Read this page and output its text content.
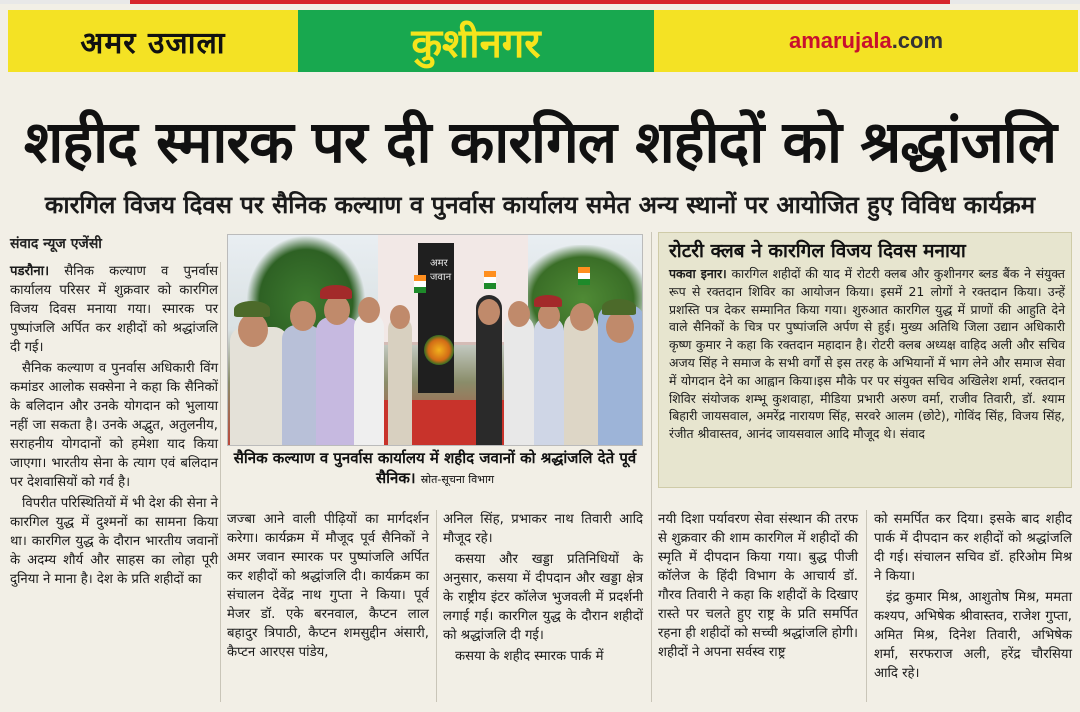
अमर उजाला	कुशीनगर	amarujala.com
शहीद स्मारक पर दी कारगिल शहीदों को श्रद्धांजलि
कारगिल विजय दिवस पर सैनिक कल्याण व पुनर्वास कार्यालय समेत अन्य स्थानों पर आयोजित हुए विविध कार्यक्रम
संवाद न्यूज एजेंसी

पडरौना। सैनिक कल्याण व पुनर्वास कार्यालय परिसर में शुक्रवार को कारगिल विजय दिवस मनाया गया। स्मारक पर पुष्पांजलि अर्पित कर शहीदों को श्रद्धांजलि दी गई।

सैनिक कल्याण व पुनर्वास अधिकारी विंग कमांडर आलोक सक्सेना ने कहा कि सैनिकों के बलिदान और उनके योगदान को भुलाया नहीं जा सकता है। उनके अद्भुत, अतुलनीय, सराहनीय योगदानों को हमेशा याद किया जाएगा। भारतीय सेना के त्याग एवं बलिदान पर देशवासियों को गर्व है।

विपरीत परिस्थितियों में भी देश की सेना ने कारगिल युद्ध में दुश्मनों का सामना किया था। कारगिल युद्ध के दौरान भारतीय जवानों के अदम्य शौर्य और साहस का लोहा पूरी दुनिया ने माना है। देश के प्रति शहीदों का

अमर जवान
सैनिक कल्याण व पुनर्वास कार्यालय में शहीद जवानों को श्रद्धांजलि देते पूर्व सैनिक। स्रोत-सूचना विभाग

जज्बा आने वाली पीढ़ियों का मार्गदर्शन करेगा। कार्यक्रम में मौजूद पूर्व सैनिकों ने अमर जवान स्मारक पर पुष्पांजलि अर्पित कर शहीदों को श्रद्धांजलि दी। कार्यक्रम का संचालन देवेंद्र नाथ गुप्ता ने किया। पूर्व मेजर डॉ. एके बरनवाल, कैप्टन लाल बहादुर त्रिपाठी, कैप्टन शमसुद्दीन अंसारी, कैप्टन आरएस पांडेय,

अनिल सिंह, प्रभाकर नाथ तिवारी आदि मौजूद रहे।

कसया और खड्डा प्रतिनिधियों के अनुसार, कसया में दीपदान और खड्डा क्षेत्र के राष्ट्रीय इंटर कॉलेज भुजवली में प्रदर्शनी लगाई गई। कारगिल युद्ध के दौरान शहीदों को श्रद्धांजलि दी गई।

कसया के शहीद स्मारक पार्क में

रोटरी क्लब ने कारगिल विजय दिवस मनाया
पकवा इनार। कारगिल शहीदों की याद में रोटरी क्लब और कुशीनगर ब्लड बैंक ने संयुक्त रूप से रक्तदान शिविर का आयोजन किया। इसमें 21 लोगों ने रक्तदान किया। उन्हें प्रशस्ति पत्र देकर सम्मानित किया गया। शुरुआत कारगिल युद्ध में प्राणों की आहुति देने वाले सैनिकों के चित्र पर पुष्पांजलि अर्पण से हुई। मुख्य अतिथि जिला उद्यान अधिकारी कृष्ण कुमार ने कहा कि रक्तदान महादान है। रोटरी क्लब अध्यक्ष वाहिद अली और सचिव अजय सिंह ने समाज के सभी वर्गों से इस तरह के अभियानों में भाग लेने और समाज सेवा में योगदान देने का आह्वान किया।इस मौके पर पर संयुक्त सचिव अखिलेश शर्मा, रक्तदान शिविर संयोजक शम्भू कुशवाहा, मीडिया प्रभारी अरुण वर्मा, राजीव तिवारी, डॉ. श्याम बिहारी जायसवाल, अमरेंद्र नारायण सिंह, सरवरे आलम (छोटे), गोविंद सिंह, विजय सिंह, रंजीत श्रीवास्तव, आनंद जायसवाल आदि मौजूद थे। संवाद

नयी दिशा पर्यावरण सेवा संस्थान की तरफ से शुक्रवार की शाम कारगिल में शहीदों की स्मृति में दीपदान किया गया। बुद्ध पीजी कॉलेज के हिंदी विभाग के आचार्य डॉ. गौरव तिवारी ने कहा कि शहीदों के दिखाए रास्ते पर चलते हुए राष्ट्र के प्रति समर्पित रहना ही शहीदों को सच्ची श्रद्धांजलि होगी। शहीदों ने अपना सर्वस्व राष्ट्र

को समर्पित कर दिया। इसके बाद शहीद पार्क में दीपदान कर शहीदों को श्रद्धांजलि दी गई। संचालन सचिव डॉ. हरिओम मिश्र ने किया।

इंद्र कुमार मिश्र, आशुतोष मिश्र, ममता कश्यप, अभिषेक श्रीवास्तव, राजेश गुप्ता, अमित मिश्र, दिनेश तिवारी, अभिषेक शर्मा, सरफराज अली, हरेंद्र चौरसिया आदि रहे।
